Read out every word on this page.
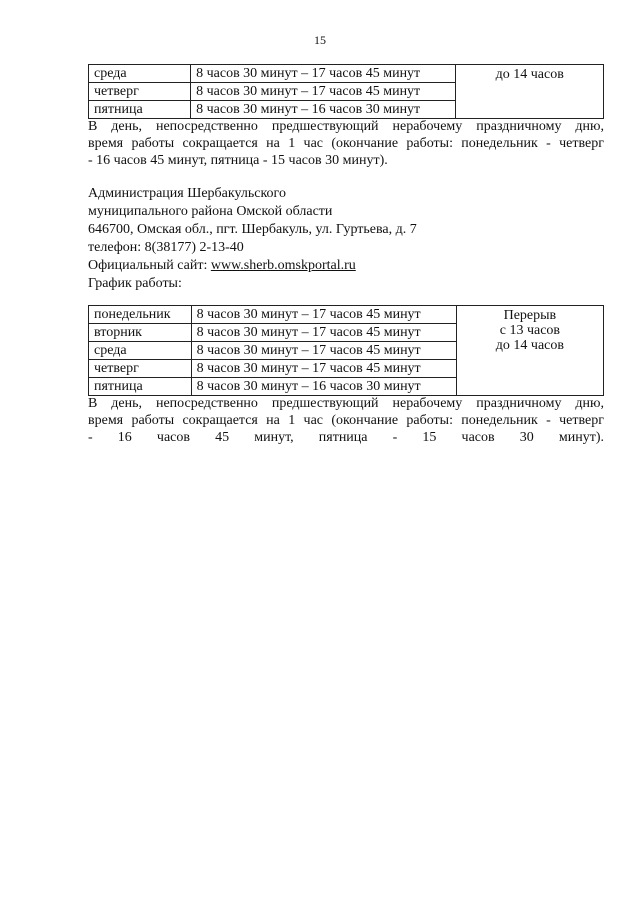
15
среда	8 часов 30 минут – 17 часов 45 минут	до 14 часов
четверг	8 часов 30 минут – 17 часов 45 минут	
пятница	8 часов 30 минут – 16 часов 30 минут	
В день, непосредственно предшествующий нерабочему праздничному дню,
время работы сокращается на 1 час (окончание работы: понедельник - четверг
- 16 часов 45 минут, пятница - 15 часов 30 минут).
Администрация Шербакульского
муниципального района Омской области
646700, Омская обл., пгт. Шербакуль, ул. Гуртьева, д. 7
телефон: 8(38177) 2-13-40
Официальный сайт: www.sherb.omskportal.ru
График работы:
понедельник	8 часов 30 минут – 17 часов 45 минут	Перерыв
с 13 часов
до 14 часов

вторник	8 часов 30 минут – 17 часов 45 минут	
среда	8 часов 30 минут – 17 часов 45 минут	
четверг	8 часов 30 минут – 17 часов 45 минут	
пятница	8 часов 30 минут – 16 часов 30 минут	
В день, непосредственно предшествующий нерабочему праздничному дню,
время работы сокращается на 1 час (окончание работы: понедельник - четверг
- 16 часов 45 минут, пятница - 15 часов 30 минут).
